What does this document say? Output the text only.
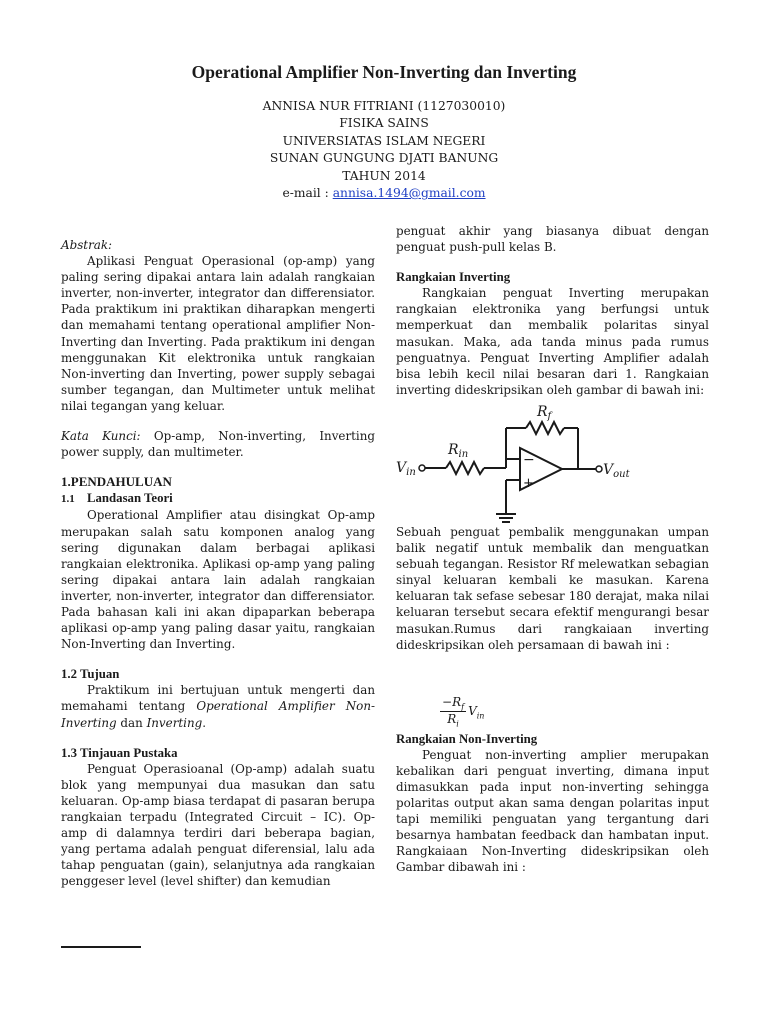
Operational Amplifier Non-Inverting dan Inverting
ANNISA NUR FITRIANI (1127030010)
FISIKA SAINS
UNIVERSIATAS ISLAM NEGERI
SUNAN GUNGUNG DJATI BANUNG
TAHUN 2014
e-mail : annisa.1494@gmail.com

Abstrak:

Aplikasi Penguat Operasional (op-amp) yang paling sering dipakai antara lain adalah rangkaian inverter, non-inverter, integrator dan differensiator. Pada praktikum ini praktikan diharapkan mengerti dan memahami tentang operational amplifier Non-Inverting dan Inverting. Pada praktikum ini dengan menggunakan Kit elektronika untuk rangkaian Non-inverting dan Inverting, power supply sebagai sumber tegangan, dan Multimeter untuk melihat nilai tegangan yang keluar.

Kata Kunci: Op-amp, Non-inverting, Inverting power supply, dan multimeter.

1.PENDAHULUAN

1.1 Landasan Teori

Operational Amplifier atau disingkat Op-amp merupakan salah satu komponen analog yang sering digunakan dalam berbagai aplikasi rangkaian elektronika. Aplikasi op-amp yang paling sering dipakai antara lain adalah rangkaian inverter, non-inverter, integrator dan differensiator. Pada bahasan kali ini akan dipaparkan beberapa aplikasi op-amp yang paling dasar yaitu, rangkaian Non-Inverting dan Inverting.

1.2 Tujuan

Praktikum ini bertujuan untuk mengerti dan memahami tentang Operational Amplifier Non-Inverting dan Inverting.

1.3 Tinjauan Pustaka

Penguat Operasioanal (Op-amp) adalah suatu blok yang mempunyai dua masukan dan satu keluaran. Op-amp biasa terdapat di pasaran berupa rangkaian terpadu (Integrated Circuit – IC). Op-amp di dalamnya terdiri dari beberapa bagian, yang pertama adalah penguat diferensial, lalu ada tahap penguatan (gain), selanjutnya ada rangkaian penggeser level (level shifter) dan kemudian

penguat akhir yang biasanya dibuat dengan penguat push-pull kelas B.

Rangkaian Inverting

Rangkaian penguat Inverting merupakan rangkaian elektronika yang berfungsi untuk memperkuat dan membalik polaritas sinyal masukan. Maka, ada tanda minus pada rumus penguatnya. Penguat Inverting Amplifier adalah bisa lebih kecil nilai besaran dari 1. Rangkaian inverting dideskripsikan oleh gambar di bawah ini:

$R_f$
$R_{in}$
$V_{in}$	$V_{out}$
−
+

Sebuah penguat pembalik menggunakan umpan balik negatif untuk membalik dan menguatkan sebuah tegangan. Resistor Rf melewatkan sebagian sinyal keluaran kembali ke masukan. Karena keluaran tak sefase sebesar 180 derajat, maka nilai keluaran tersebut secara efektif mengurangi besar masukan.Rumus dari rangkaiaan inverting dideskripsikan oleh persamaan di bawah ini :

Rangkaian Non-Inverting

Penguat non-inverting amplier merupakan kebalikan dari penguat inverting, dimana input dimasukkan pada input non-inverting sehingga polaritas output akan sama dengan polaritas input tapi memiliki penguatan yang tergantung dari besarnya hambatan feedback dan hambatan input. Rangkaiaan Non-Inverting dideskripsikan oleh Gambar dibawah ini :

$\frac{-R_f}{R_i} V_{in}$
